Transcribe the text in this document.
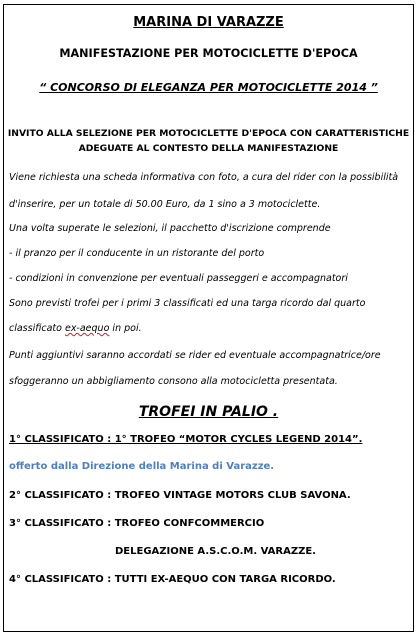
MARINA DI VARAZZE
MANIFESTAZIONE PER MOTOCICLETTE D'EPOCA
“ CONCORSO DI ELEGANZA PER MOTOCICLETTE 2014 ”
INVITO ALLA SELEZIONE PER MOTOCICLETTE D'EPOCA CON CARATTERISTICHE
ADEGUATE AL CONTESTO DELLA MANIFESTAZIONE
Viene richiesta una scheda informativa con foto, a cura del rider con la possibilità
d'inserire, per un totale di 50.00 Euro, da 1 sino a 3 motociclette.
Una volta superate le selezioni, il pacchetto d'iscrizione comprende
- il pranzo per il conducente in un ristorante del porto
- condizioni in convenzione per eventuali passeggeri e accompagnatori
Sono previsti trofei per i primi 3 classificati ed una targa ricordo dal quarto
classificato ex-aequo in poi.
Punti aggiuntivi saranno accordati se rider ed eventuale accompagnatrice/ore
sfoggeranno un abbigliamento consono alla motocicletta presentata.
TROFEI IN PALIO .
1° CLASSIFICATO : 1° TROFEO “MOTOR CYCLES LEGEND 2014”.
offerto dalla Direzione della Marina di Varazze.
2° CLASSIFICATO : TROFEO VINTAGE MOTORS CLUB SAVONA.
3° CLASSIFICATO : TROFEO CONFCOMMERCIO
DELEGAZIONE A.S.C.O.M. VARAZZE.
4° CLASSIFICATO : TUTTI EX-AEQUO CON TARGA RICORDO.
